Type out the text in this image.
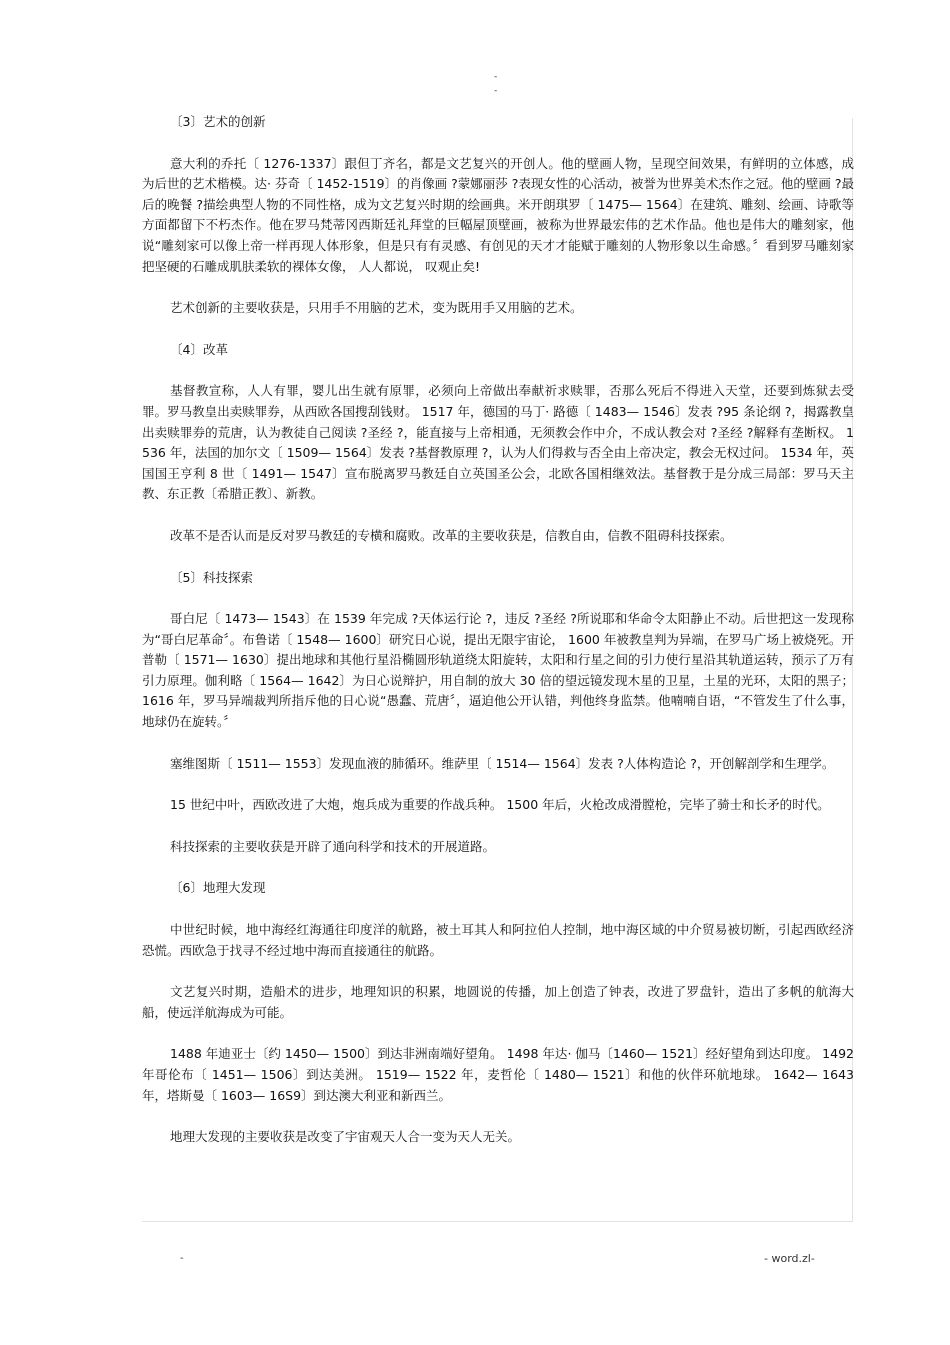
-
-
〔3〕艺术的创新

意大利的乔托〔 1276-1337〕跟但丁齐名，都是文艺复兴的开创人。他的壁画人物，呈现空间效果，有鲜明的立体感，成为后世的艺术楷模。达· 芬奇〔 1452-1519〕的肖像画 ?蒙娜丽莎 ?表现女性的心活动，被誉为世界美术杰作之冠。他的壁画 ?最后的晚餐 ?描绘典型人物的不同性格，成为文艺复兴时期的绘画典。米开朗琪罗〔 1475— 1564〕在建筑、雕刻、绘画、诗歌等方面都留下不朽杰作。他在罗马梵蒂冈西斯廷礼拜堂的巨幅屋顶壁画，被称为世界最宏伟的艺术作品。他也是伟大的雕刻家，他说“雕刻家可以像上帝一样再现人体形象，但是只有有灵感、有创见的天才才能赋于雕刻的人物形象以生命感。〞看到罗马雕刻家把坚硬的石雕成肌肤柔软的裸体女像， 人人都说， 叹观止矣!

艺术创新的主要收获是，只用手不用脑的艺术，变为既用手又用脑的艺术。

〔4〕改革

基督教宣称，人人有罪，婴儿出生就有原罪，必须向上帝做出奉献祈求赎罪，否那么死后不得进入天堂，还要到炼狱去受罪。罗马教皇出卖赎罪券，从西欧各国搜刮钱财。 1517 年，德国的马丁· 路德〔 1483— 1546〕发表 ?95 条论纲 ?，揭露教皇出卖赎罪券的荒唐，认为教徒自己阅读 ?圣经 ?，能直接与上帝相通，无须教会作中介，不成认教会对 ?圣经 ?解释有垄断权。 1536 年，法国的加尔文〔 1509— 1564〕发表 ?基督教原理 ?，认为人们得救与否全由上帝决定，教会无权过问。 1534 年，英国国王亨利 8 世〔 1491— 1547〕宣布脱离罗马教廷自立英国圣公会，北欧各国相继效法。基督教于是分成三局部：罗马天主教、东正教〔希腊正教〕、新教。

改革不是否认而是反对罗马教廷的专横和腐败。改革的主要收获是，信教自由，信教不阻碍科技探索。

〔5〕科技探索

哥白尼〔 1473— 1543〕在 1539 年完成 ?天体运行论 ?，违反 ?圣经 ?所说耶和华命令太阳静止不动。后世把这一发现称为“哥白尼革命〞。布鲁诺〔 1548— 1600〕研究日心说，提出无限宇宙论， 1600 年被教皇判为异端，在罗马广场上被烧死。开普勒〔 1571— 1630〕提出地球和其他行星沿椭圆形轨道绕太阳旋转，太阳和行星之间的引力使行星沿其轨道运转，预示了万有引力原理。伽利略〔 1564— 1642〕为日心说辩护，用自制的放大 30 倍的望远镜发现木星的卫星，土星的光环，太阳的黑子； 1616 年，罗马异端裁判所指斥他的日心说“愚蠢、荒唐〞，逼迫他公开认错，判他终身监禁。他喃喃自语，“不管发生了什么事，地球仍在旋转。〞

塞维图斯〔 1511— 1553〕发现血液的肺循环。维萨里〔 1514— 1564〕发表 ?人体构造论 ?，开创解剖学和生理学。

15 世纪中叶，西欧改进了大炮，炮兵成为重要的作战兵种。 1500 年后，火枪改成滑膛枪，完毕了骑士和长矛的时代。

科技探索的主要收获是开辟了通向科学和技术的开展道路。

〔6〕地理大发现

中世纪时候，地中海经红海通往印度洋的航路，被土耳其人和阿拉伯人控制，地中海区域的中介贸易被切断，引起西欧经济恐慌。西欧急于找寻不经过地中海而直接通往的航路。

文艺复兴时期，造船术的进步，地理知识的积累，地圆说的传播，加上创造了钟表，改进了罗盘针，造出了多帆的航海大船，使远洋航海成为可能。

1488 年迪亚士〔约 1450— 1500〕到达非洲南端好望角。 1498 年达· 伽马〔1460— 1521〕经好望角到达印度。 1492 年哥伦布〔 1451— 1506〕到达美洲。 1519— 1522 年，麦哲伦〔 1480— 1521〕和他的伙伴环航地球。 1642— 1643 年，塔斯曼〔 1603— 16S9〕到达澳大利亚和新西兰。

地理大发现的主要收获是改变了宇宙观天人合一变为天人无关。

-	- word.zl-
